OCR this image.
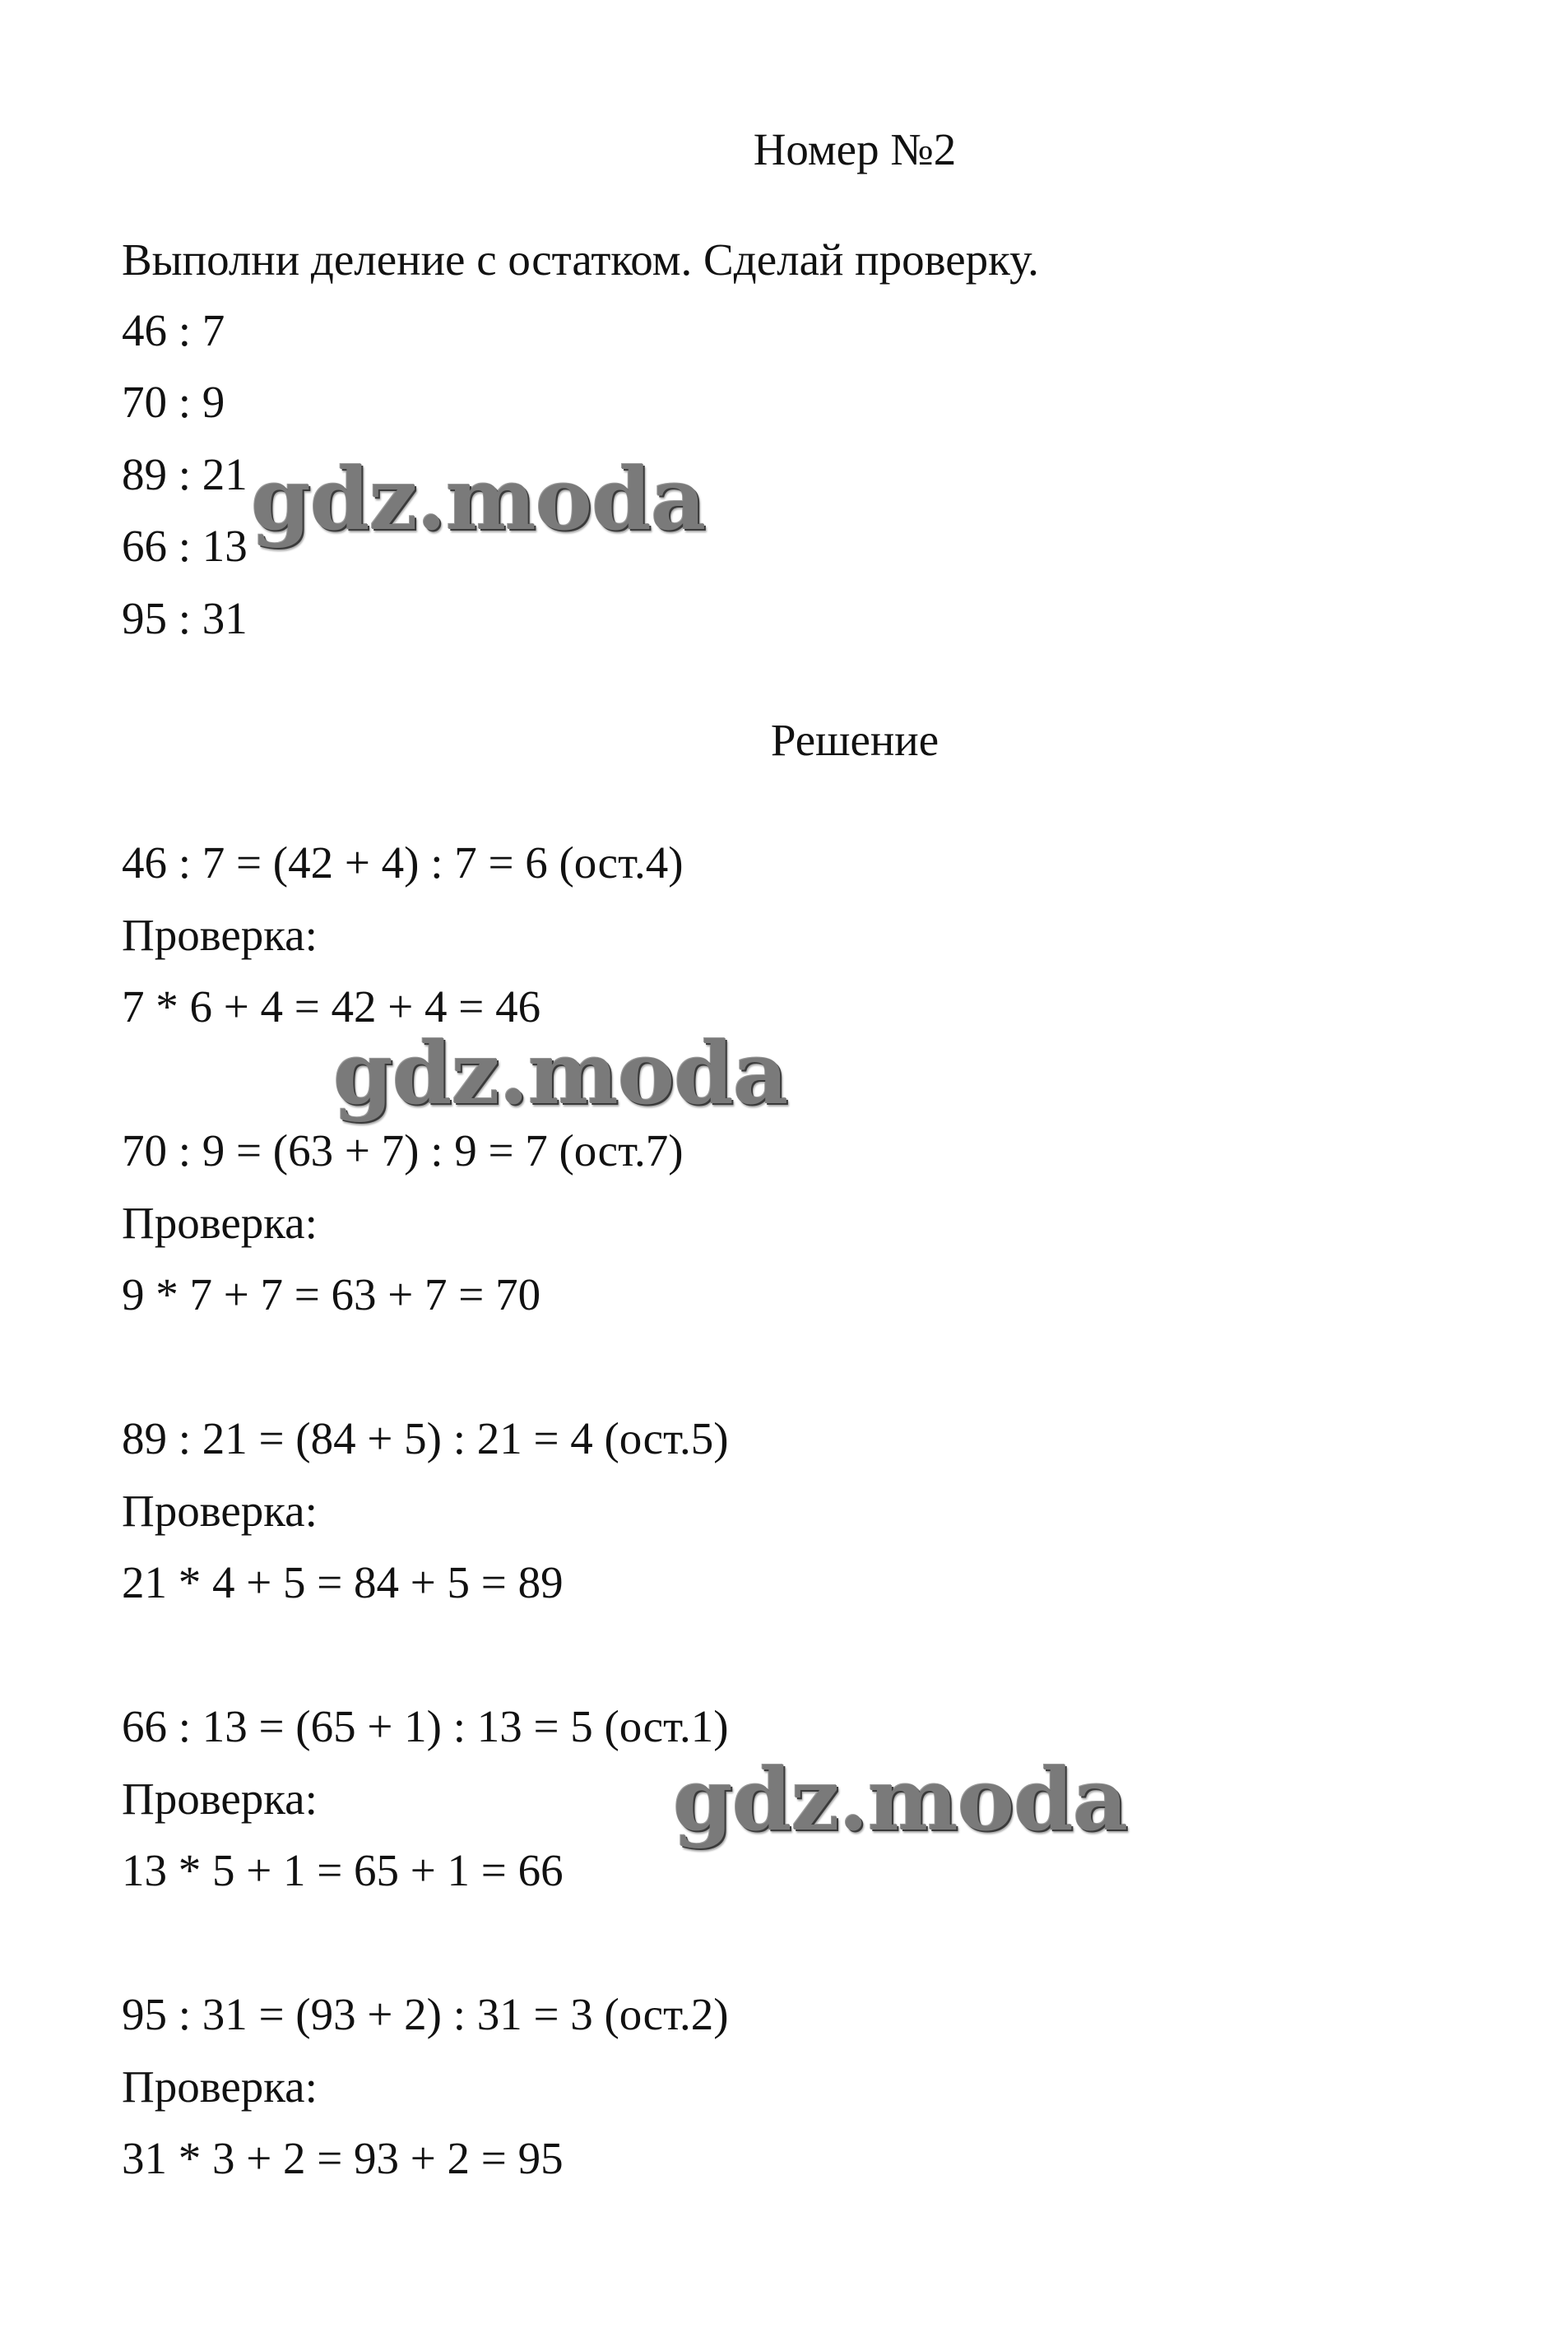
Номер №2
Выполни деление с остатком. Сделай проверку.
46 : 7
70 : 9
89 : 21
66 : 13
95 : 31
Решение
46 : 7 = (42 + 4) : 7 = 6 (ост.4)
Проверка:
7 * 6 + 4 = 42 + 4 = 46
70 : 9 = (63 + 7) : 9 = 7 (ост.7)
Проверка:
9 * 7 + 7 = 63 + 7 = 70
89 : 21 = (84 + 5) : 21 = 4 (ост.5)
Проверка:
21 * 4 + 5 = 84 + 5 = 89
66 : 13 = (65 + 1) : 13 = 5 (ост.1)
Проверка:
13 * 5 + 1 = 65 + 1 = 66
95 : 31 = (93 + 2) : 31 = 3 (ост.2)
Проверка:
31 * 3 + 2 = 93 + 2 = 95
gdz.moda
gdz.moda
gdz.moda
